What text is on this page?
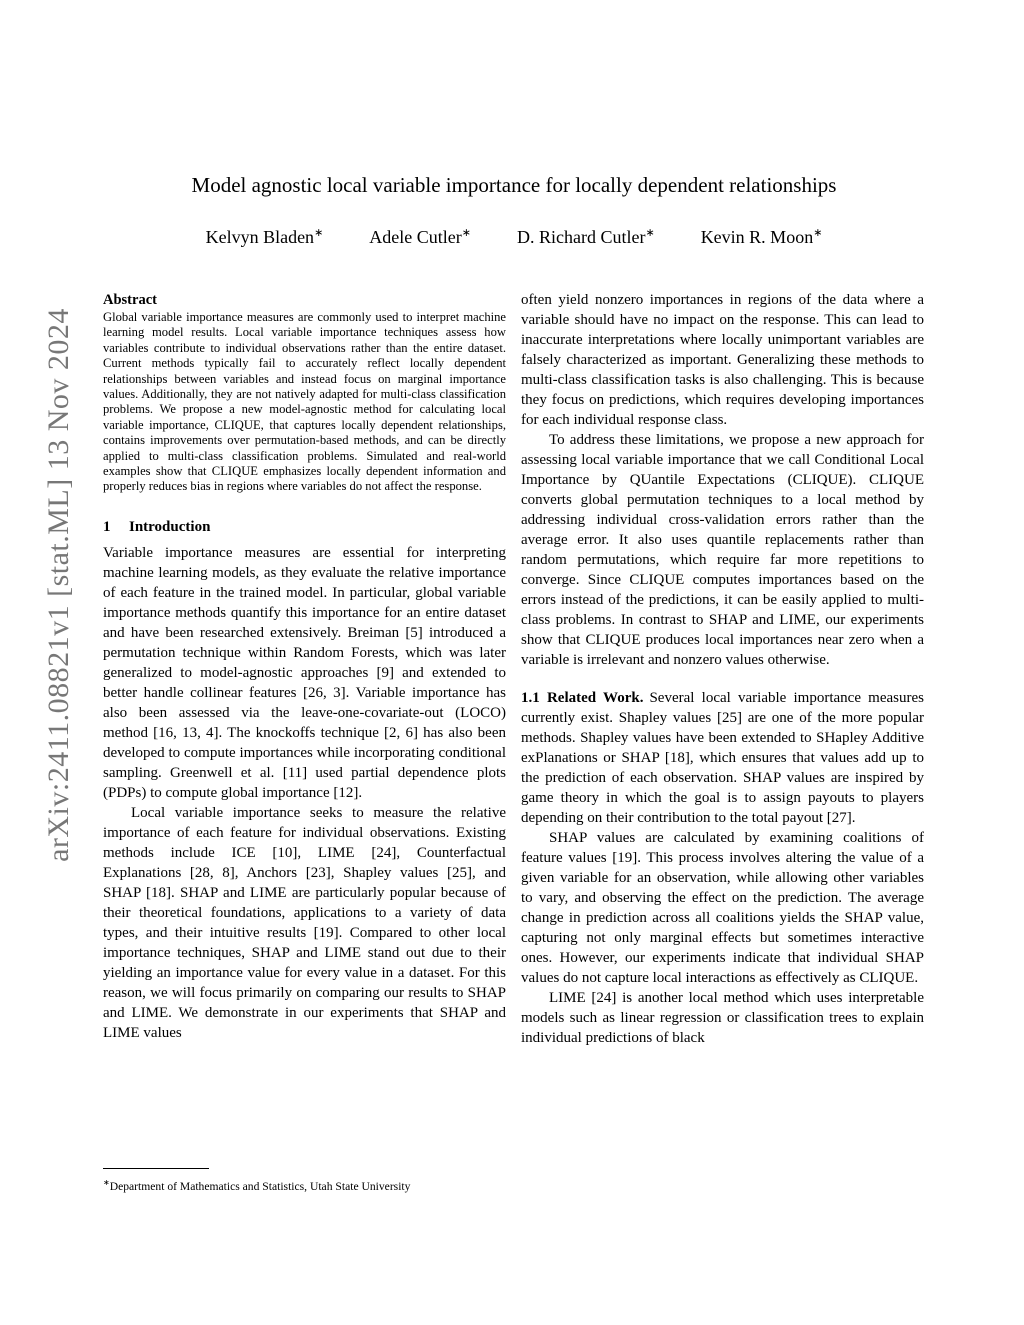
arXiv:2411.08821v1 [stat.ML] 13 Nov 2024
Model agnostic local variable importance for locally dependent relationships
Kelvyn Bladen∗	Adele Cutler∗	D. Richard Cutler∗	Kevin R. Moon∗
Abstract

Global variable importance measures are commonly used to interpret machine learning model results. Local variable importance techniques assess how variables contribute to individual observations rather than the entire dataset. Current methods typically fail to accurately reflect locally dependent relationships between variables and instead focus on marginal importance values. Additionally, they are not natively adapted for multi-class classification problems. We propose a new model-agnostic method for calculating local variable importance, CLIQUE, that captures locally dependent relationships, contains improvements over permutation-based methods, and can be directly applied to multi-class classification problems. Simulated and real-world examples show that CLIQUE emphasizes locally dependent information and properly reduces bias in regions where variables do not affect the response.

1 Introduction

Variable importance measures are essential for interpreting machine learning models, as they evaluate the relative importance of each feature in the trained model. In particular, global variable importance methods quantify this importance for an entire dataset and have been researched extensively. Breiman [5] introduced a permutation technique within Random Forests, which was later generalized to model-agnostic approaches [9] and extended to better handle collinear features [26, 3]. Variable importance has also been assessed via the leave-one-covariate-out (LOCO) method [16, 13, 4]. The knockoffs technique [2, 6] has also been developed to compute importances while incorporating conditional sampling. Greenwell et al. [11] used partial dependence plots (PDPs) to compute global importance [12].

Local variable importance seeks to measure the relative importance of each feature for individual observations. Existing methods include ICE [10], LIME [24], Counterfactual Explanations [28, 8], Anchors [23], Shapley values [25], and SHAP [18]. SHAP and LIME are particularly popular because of their theoretical foundations, applications to a variety of data types, and their intuitive results [19]. Compared to other local importance techniques, SHAP and LIME stand out due to their yielding an importance value for every value in a dataset. For this reason, we will focus primarily on comparing our results to SHAP and LIME. We demonstrate in our experiments that SHAP and LIME values

often yield nonzero importances in regions of the data where a variable should have no impact on the response. This can lead to inaccurate interpretations where locally unimportant variables are falsely characterized as important. Generalizing these methods to multi-class classification tasks is also challenging. This is because they focus on predictions, which requires developing importances for each individual response class.

To address these limitations, we propose a new approach for assessing local variable importance that we call Conditional Local Importance by QUantile Expectations (CLIQUE). CLIQUE converts global permutation techniques to a local method by addressing individual cross-validation errors rather than the average error. It also uses quantile replacements rather than random permutations, which require far more repetitions to converge. Since CLIQUE computes importances based on the errors instead of the predictions, it can be easily applied to multi-class problems. In contrast to SHAP and LIME, our experiments show that CLIQUE produces local importances near zero when a variable is irrelevant and nonzero values otherwise.

1.1 Related Work. Several local variable importance measures currently exist. Shapley values [25] are one of the more popular methods. Shapley values have been extended to SHapley Additive exPlanations or SHAP [18], which ensures that values add up to the prediction of each observation. SHAP values are inspired by game theory in which the goal is to assign payouts to players depending on their contribution to the total payout [27].

SHAP values are calculated by examining coalitions of feature values [19]. This process involves altering the value of a given variable for an observation, while allowing other variables to vary, and observing the effect on the prediction. The average change in prediction across all coalitions yields the SHAP value, capturing not only marginal effects but sometimes interactive ones. However, our experiments indicate that individual SHAP values do not capture local interactions as effectively as CLIQUE.

LIME [24] is another local method which uses interpretable models such as linear regression or classification trees to explain individual predictions of black

∗Department of Mathematics and Statistics, Utah State University
